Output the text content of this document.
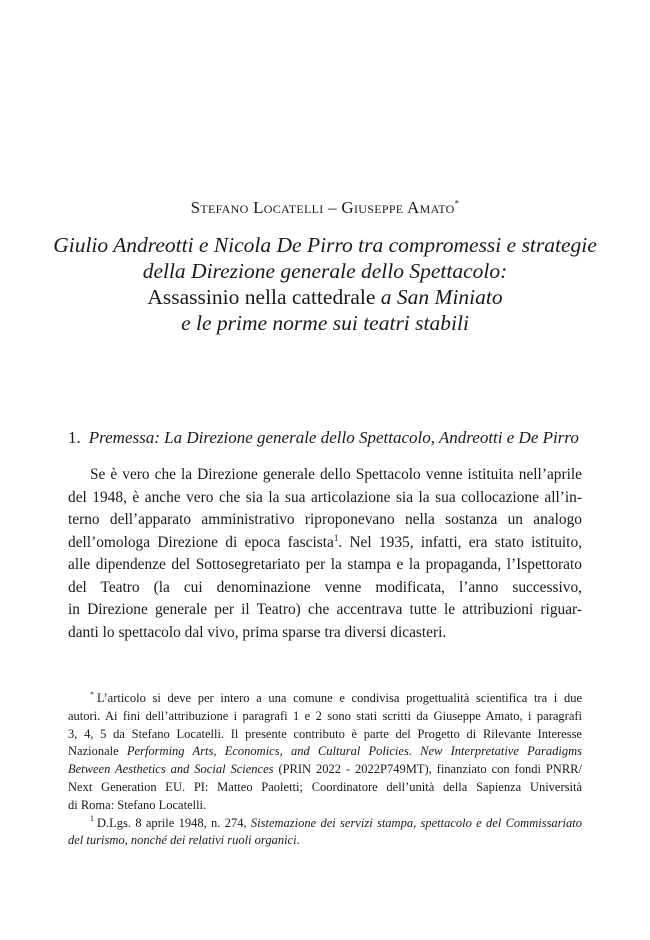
Stefano Locatelli – Giuseppe Amato*
Giulio Andreotti e Nicola De Pirro tra compromessi e strategie
della Direzione generale dello Spettacolo:
Assassinio nella cattedrale a San Miniato
e le prime norme sui teatri stabili
1. Premessa: La Direzione generale dello Spettacolo, Andreotti e De Pirro
Se è vero che la Direzione generale dello Spettacolo venne istituita nell’aprile
del 1948, è anche vero che sia la sua articolazione sia la sua collocazione all’in-
terno dell’apparato amministrativo riproponevano nella sostanza un analogo
dell’omologa Direzione di epoca fascista$^1$. Nel 1935, infatti, era stato istituito,
alle dipendenze del Sottosegretariato per la stampa e la propaganda, l’Ispettorato
del Teatro (la cui denominazione venne modificata, l’anno successivo,
in Direzione generale per il Teatro) che accentrava tutte le attribuzioni riguar-
danti lo spettacolo dal vivo, prima sparse tra diversi dicasteri.
* L’articolo si deve per intero a una comune e condivisa progettualità scientifica tra i due
autori. Ai fini dell’attribuzione i paragrafi 1 e 2 sono stati scritti da Giuseppe Amato, i paragrafi
3, 4, 5 da Stefano Locatelli. Il presente contributo è parte del Progetto di Rilevante Interesse
Nazionale Performing Arts, Economics, and Cultural Policies. New Interpretative Paradigms
Between Aesthetics and Social Sciences (PRIN 2022 - 2022P749MT), finanziato con fondi PNRR/
Next Generation EU. PI: Matteo Paoletti; Coordinatore dell’unità della Sapienza Università
di Roma: Stefano Locatelli.
$^1$ D.Lgs. 8 aprile 1948, n. 274, Sistemazione dei servizi stampa, spettacolo e del Commissariato
del turismo, nonché dei relativi ruoli organici.
